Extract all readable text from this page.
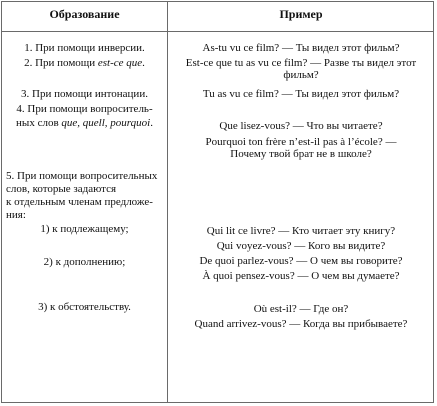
Образование	Пример
1. При помощи инверсии.
2. При помощи est-ce que.
3. При помощи интонации.
4. При помощи вопроситель-
ных слов que, quell, pourquoi.
5. При помощи вопросительных
слов, которые задаются
к отдельным членам предложе-
ния:
1) к подлежащему;
2) к дополнению;
3) к обстоятельству.
As-tu vu ce film? — Ты видел этот фильм?
Est-ce que tu as vu ce film? — Разве ты видел этот
фильм?
Tu as vu ce film? — Ты видел этот фильм?
Que lisez-vous? — Что вы читаете?
Pourquoi ton frère n’est-il pas à l’école? —
Почему твой брат не в школе?
Qui lit ce livre? — Кто читает эту книгу?
Qui voyez-vous? — Кого вы видите?
De quoi parlez-vous? — О чем вы говорите?
À quoi pensez-vous? — О чем вы думаете?
Où est-il? — Где он?
Quand arrivez-vous? — Когда вы прибываете?
